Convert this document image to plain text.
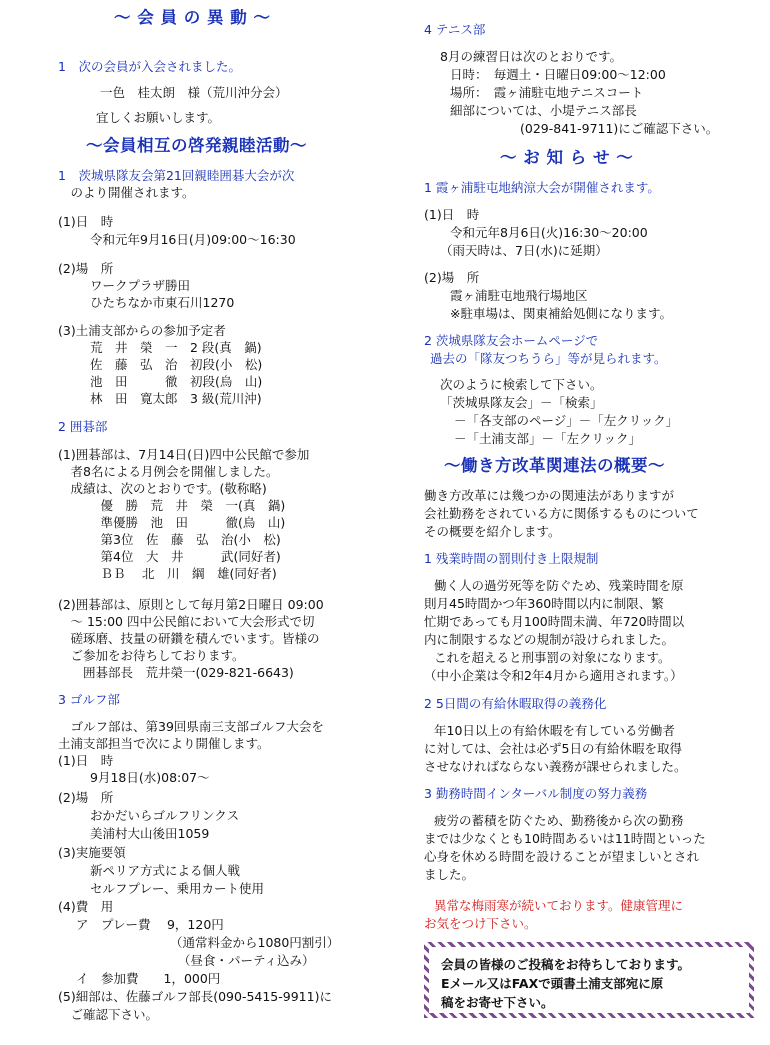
～ 会 員 の 異 動 ～
1　次の会員が入会されました。
一色　桂太朗　様（荒川沖分会）
宜しくお願いします。
～会員相互の啓発親睦活動～
1　茨城県隊友会第21回親睦囲碁大会が次
　のより開催されます。
(1)日　時
令和元年9月16日(月)09:00～16:30
(2)場　所
ワークプラザ勝田
ひたちなか市東石川1270
(3)土浦支部からの参加予定者
荒　井　榮　一　2 段(真　鍋)
佐　藤　弘　治　初段(小　松)
池　田　　　徹　初段(烏　山)
林　田　寛太郎　3 級(荒川沖)
2 囲碁部
(1)囲碁部は、7月14日(日)四中公民館で参加
　者8名による月例会を開催しました。
　成績は、次のとおりです。(敬称略)
　優　勝　荒　井　榮　一(真　鍋)
　準優勝　池　田　　　徹(烏　山)
　第3位　佐　藤　弘　治(小　松)
　第4位　大　井　　　武(同好者)
　ＢＢ　 北　川　綱　雄(同好者)
(2)囲碁部は、原則として毎月第2日曜日 09:00
　～ 15:00 四中公民館において大会形式で切
　磋琢磨、技量の研鑽を積んでいます。皆様の
　ご参加をお待ちしております。
　　囲碁部長　荒井榮一(029-821-6643)
3 ゴルフ部
　ゴルフ部は、第39回県南三支部ゴルフ大会を
土浦支部担当で次により開催します。
(1)日　時
9月18日(水)08:07～
(2)場　所
おかだいらゴルフリンクス
美浦村大山後田1059
(3)実施要領
新ペリア方式による個人戦
セルフプレー、乗用カート使用
(4)費　用
ア　プレー費　 9，120円
（通常料金から1080円割引）
（昼食・パーティ込み）
イ　参加費　　1，000円
(5)細部は、佐藤ゴルフ部長(090-5415-9911)に
　ご確認下さい。
4 テニス部
8月の練習日は次のとおりです。
日時：　毎週土・日曜日09:00～12:00
場所：　霞ヶ浦駐屯地テニスコート
細部については、小堤テニス部長
(029-841-9711)にご確認下さい。
～ お 知 ら せ ～
1 霞ヶ浦駐屯地納涼大会が開催されます。
(1)日　時
令和元年8月6日(火)16:30～20:00
（雨天時は、7日(水)に延期）
(2)場　所
霞ヶ浦駐屯地飛行場地区
※駐車場は、関東補給処側になります。
2 茨城県隊友会ホームページで
過去の「隊友つちうら」等が見られます。
次のように検索して下さい。
「茨城県隊友会」－「検索」
－「各支部のページ」－「左クリック」
－「土浦支部」－「左クリック」
～働き方改革関連法の概要～
働き方改革には幾つかの関連法がありますが
会社勤務をされている方に関係するものについて
その概要を紹介します。
1 残業時間の罰則付き上限規制
働く人の過労死等を防ぐため、残業時間を原
則月45時間かつ年360時間以内に制限、繁
忙期であっても月100時間未満、年720時間以
内に制限するなどの規制が設けられました。
これを超えると刑事罰の対象になります。
（中小企業は令和2年4月から適用されます。）
2 5日間の有給休暇取得の義務化
年10日以上の有給休暇を有している労働者
に対しては、会社は必ず5日の有給休暇を取得
させなければならない義務が課せられました。
3 勤務時間インターバル制度の努力義務
疲労の蓄積を防ぐため、勤務後から次の勤務
までは少なくとも10時間あるいは11時間といった
心身を休める時間を設けることが望ましいとされ
ました。
異常な梅雨寒が続いております。健康管理に
お気をつけ下さい。
会員の皆様のご投稿をお待ちしております。
Eメール又はFAXで頭書土浦支部宛に原
稿をお寄せ下さい。
